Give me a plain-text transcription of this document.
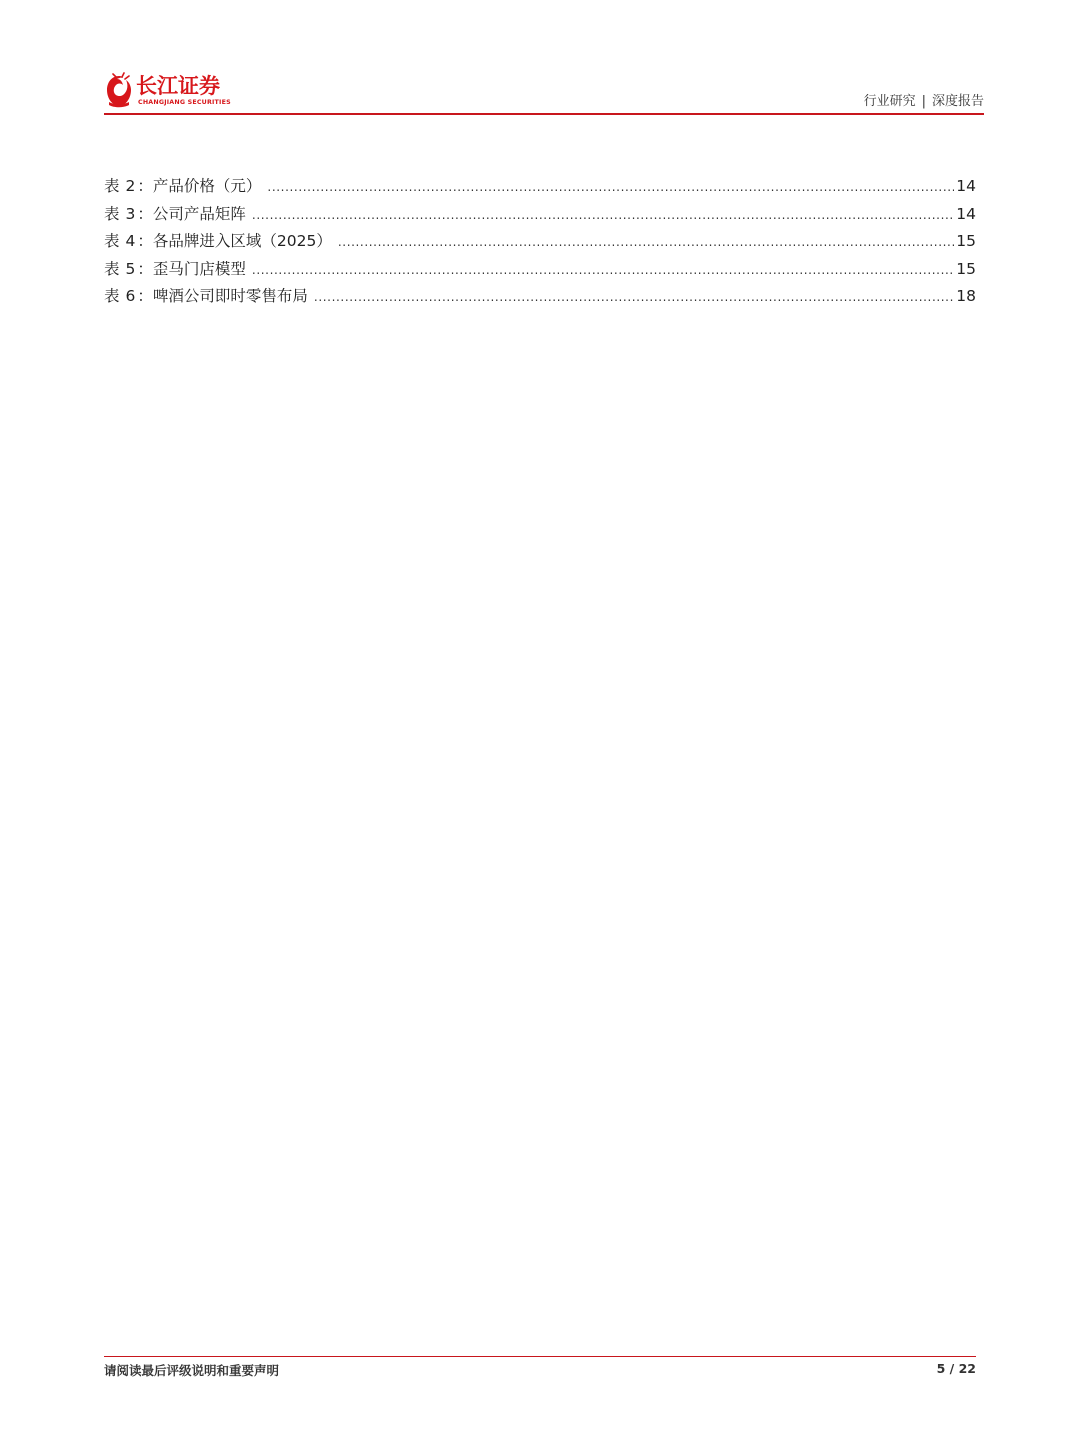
长江证券
CHANGJIANG SECURITIES	行业研究 | 深度报告
表 2 ：产品价格（元） .....	14
表 3 ：公司产品矩阵 .....	14
表 4 ：各品牌进入区域（2025） .....	15
表 5 ：歪马门店模型 .....	15
表 6 ：啤酒公司即时零售布局 .....	18
请阅读最后评级说明和重要声明	5 / 22
